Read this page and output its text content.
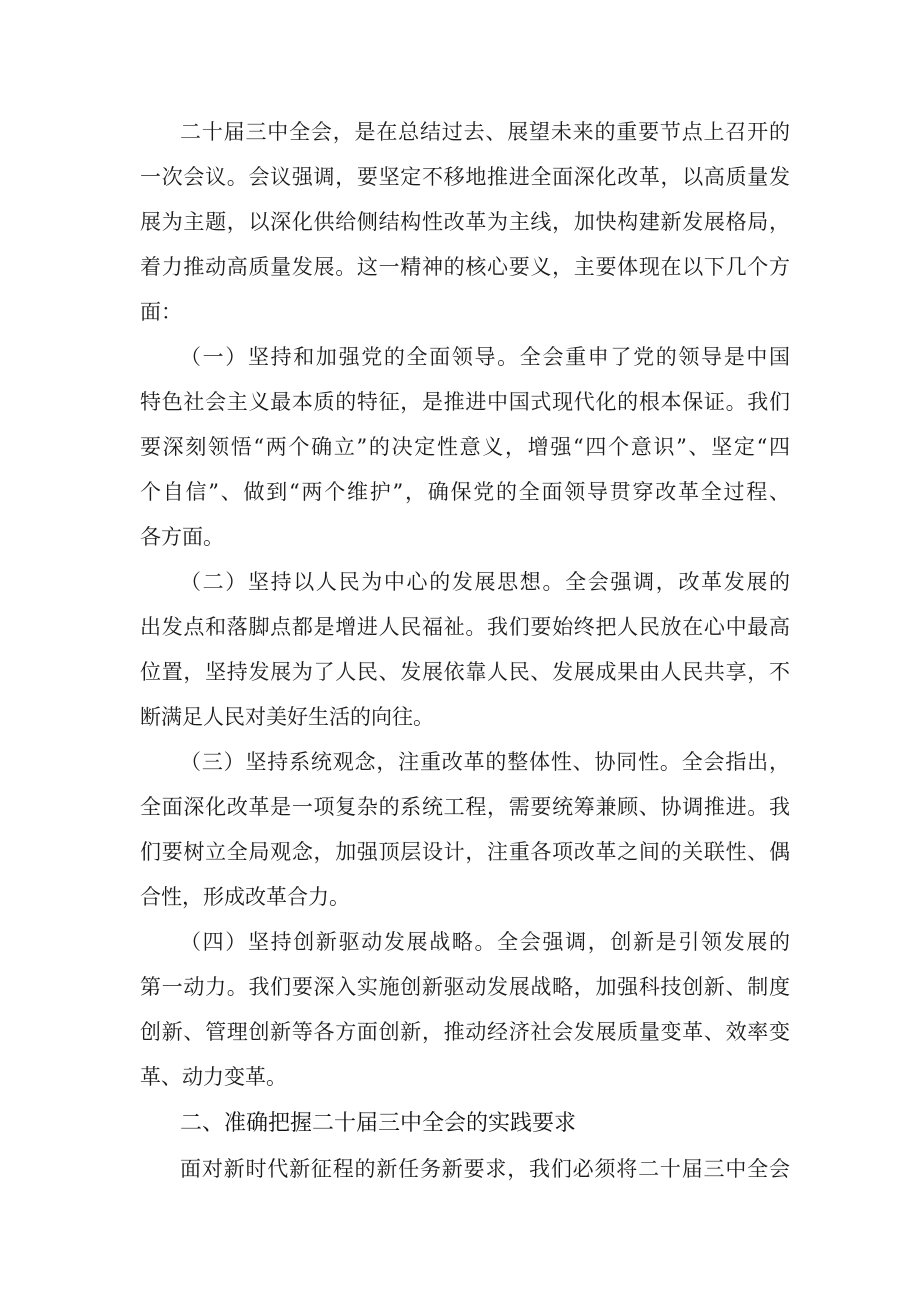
二十届三中全会，是在总结过去、展望未来的重要节点上召开的
一次会议。会议强调，要坚定不移地推进全面深化改革，以高质量发
展为主题，以深化供给侧结构性改革为主线，加快构建新发展格局，
着力推动高质量发展。这一精神的核心要义，主要体现在以下几个方
面：
（一）坚持和加强党的全面领导。全会重申了党的领导是中国
特色社会主义最本质的特征，是推进中国式现代化的根本保证。我们
要深刻领悟“两个确立”的决定性意义，增强“四个意识”、坚定“四
个自信”、做到“两个维护”，确保党的全面领导贯穿改革全过程、
各方面。
（二）坚持以人民为中心的发展思想。全会强调，改革发展的
出发点和落脚点都是增进人民福祉。我们要始终把人民放在心中最高
位置，坚持发展为了人民、发展依靠人民、发展成果由人民共享，不
断满足人民对美好生活的向往。
（三）坚持系统观念，注重改革的整体性、协同性。全会指出，
全面深化改革是一项复杂的系统工程，需要统筹兼顾、协调推进。我
们要树立全局观念，加强顶层设计，注重各项改革之间的关联性、偶
合性，形成改革合力。
（四）坚持创新驱动发展战略。全会强调，创新是引领发展的
第一动力。我们要深入实施创新驱动发展战略，加强科技创新、制度
创新、管理创新等各方面创新，推动经济社会发展质量变革、效率变
革、动力变革。
二、准确把握二十届三中全会的实践要求
面对新时代新征程的新任务新要求，我们必须将二十届三中全会
